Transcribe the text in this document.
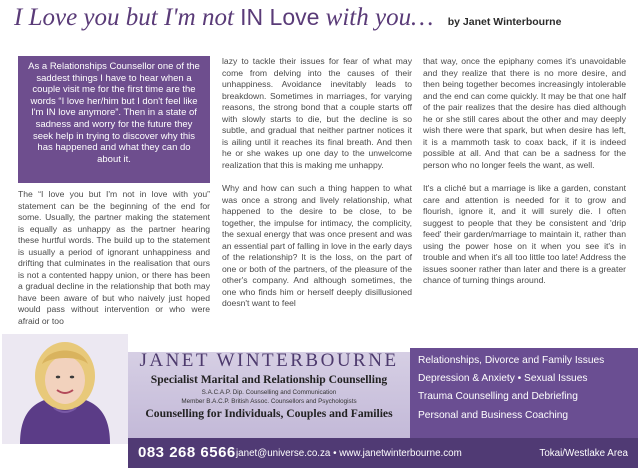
I Love you but I'm not IN Love with you… by Janet Winterbourne
As a Relationships Counsellor one of the saddest things I have to hear when a couple visit me for the first time are the words “I love her/him but I don't feel like I'm IN love anymore”. Then in a state of sadness and worry for the future they seek help in trying to discover why this has happened and what they can do about it.

The “I love you but I'm not in love with you” statement can be the beginning of the end for some. Usually, the partner making the statement is equally as unhappy as the partner hearing these hurtful words. The build up to the statement is usually a period of ignorant unhappiness and drifting that culminates in the realisation that ours is not a contented happy union, or there has been a gradual decline in the relationship that both may have been aware of but who naively just hoped would pass without intervention or who were afraid or too

lazy to tackle their issues for fear of what may come from delving into the causes of their unhappiness. Avoidance inevitably leads to breakdown. Sometimes in marriages, for varying reasons, the strong bond that a couple starts off with slowly starts to die, but the decline is so subtle, and gradual that neither partner notices it is ailing until it reaches its final breath. And then he or she wakes up one day to the unwelcome realization that this is making me unhappy.

Why and how can such a thing happen to what was once a strong and lively relationship, what happened to the desire to be close, to be together, the impulse for intimacy, the complicity, the sexual energy that was once present and was an essential part of falling in love in the early days of the relationship? It is the loss, on the part of one or both of the partners, of the pleasure of the other's company. And although sometimes, the one who finds him or herself deeply disillusioned doesn't want to feel

that way, once the epiphany comes it's unavoidable and they realize that there is no more desire, and then being together becomes increasingly intolerable and the end can come quickly. It may be that one half of the pair realizes that the desire has died although he or she still cares about the other and may deeply wish there were that spark, but when desire has left, it is a mammoth task to coax back, if it is indeed possible at all. And that can be a sadness for the person who no longer feels the want, as well.

It's a cliché but a marriage is like a garden, constant care and attention is needed for it to grow and flourish, ignore it, and it will surely die. I often suggest to people that they be consistent and 'drip feed' their garden/marriage to maintain it, rather than using the power hose on it when you see it's in trouble and when it's all too little too late! Address the issues sooner rather than later and there is a greater chance of turning things around.

JANET WINTERBOURNE
Specialist Marital and Relationship Counselling
S.A.C.A.P. Dip. Counselling and Communication
Member B.A.C.P. British Assoc. Counsellors and Psychologists
Counselling for Individuals, Couples and Families
Relationships, Divorce and Family Issues
Depression & Anxiety • Sexual Issues
Trauma Counselling and Debriefing
Personal and Business Coaching
083 268 6566 janet@universe.co.za • www.janetwinterbourne.com	Tokai/Westlake Area
